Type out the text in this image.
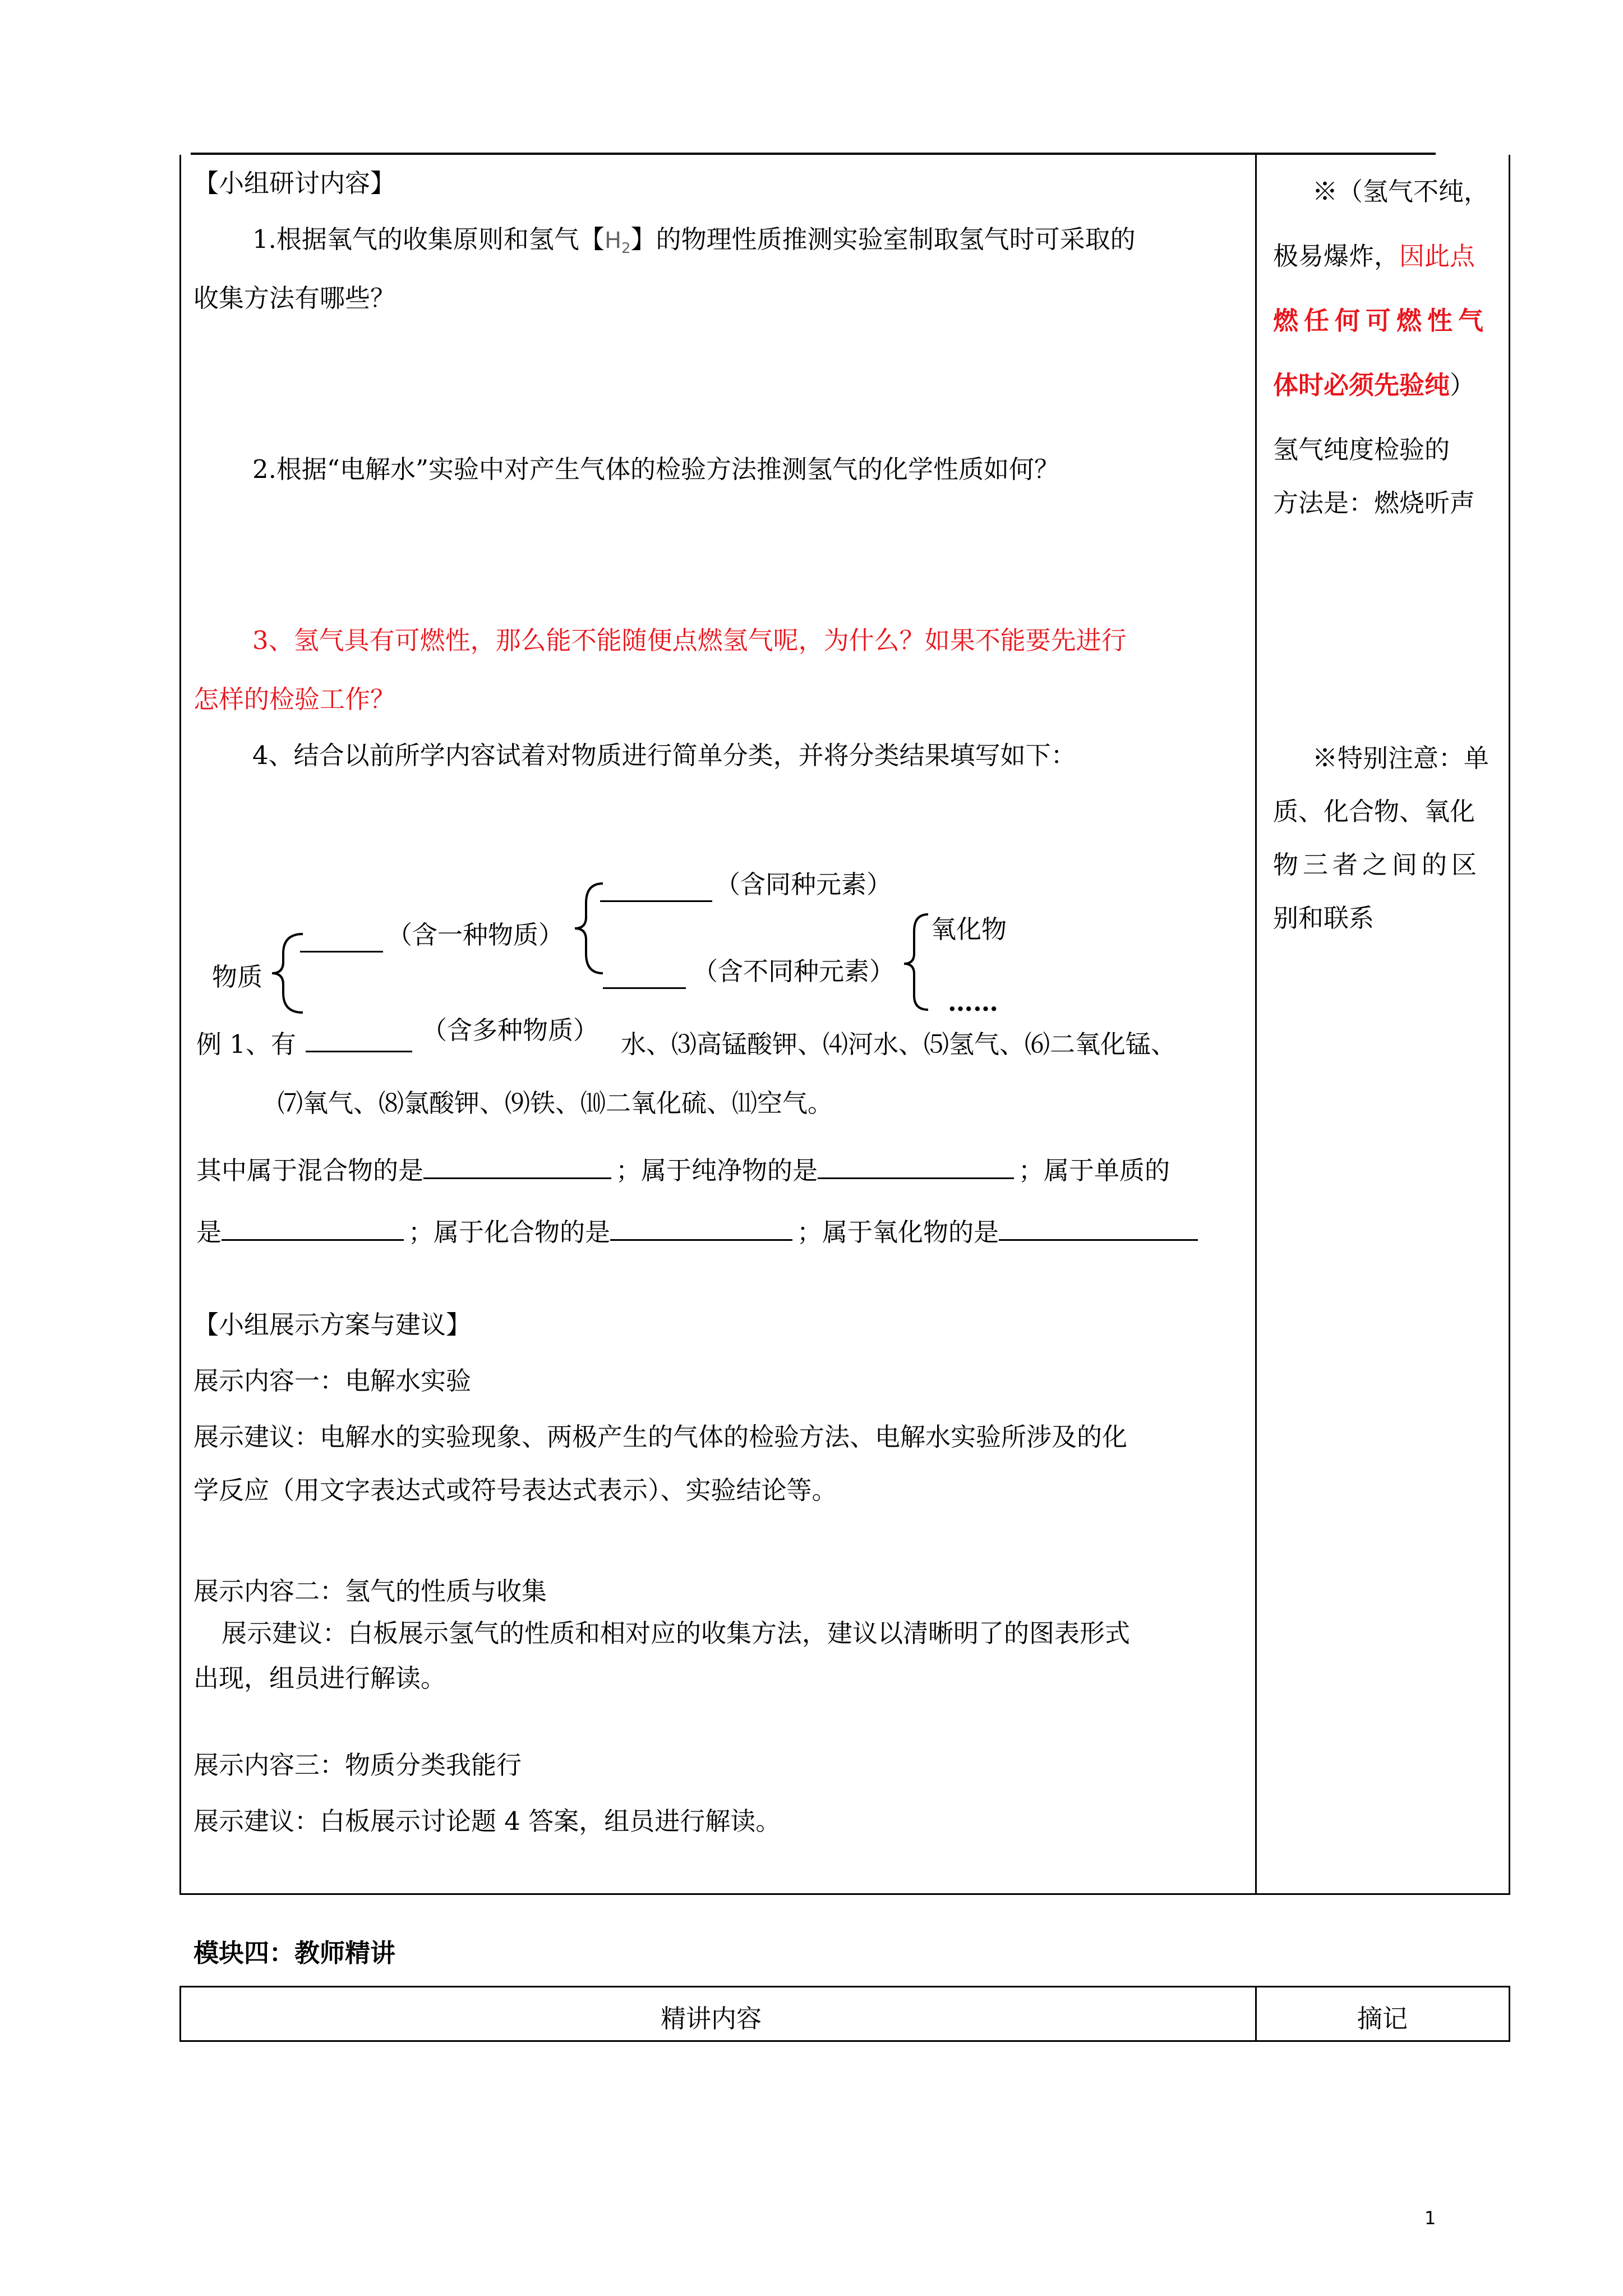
【小组研讨内容】
1.根据氧气的收集原则和氢气【$H_2$】的物理性质推测实验室制取氢气时可采取的
收集方法有哪些？
2.根据“电解水”实验中对产生气体的检验方法推测氢气的化学性质如何？
3、氢气具有可燃性，那么能不能随便点燃氢气呢，为什么？如果不能要先进行
怎样的检验工作？
4、结合以前所学内容试着对物质进行简单分类，并将分类结果填写如下：
物质
（含一种物质）
（含同种元素）
（含不同种元素）
氧化物
……
（含多种物质）
例 1、有	水、⑶高锰酸钾、⑷河水、⑸氢气、⑹二氧化锰、
⑺氧气、⑻氯酸钾、⑼铁、⑽二氧化硫、⑾空气。
其中属于混合物的是	；属于纯净物的是	；属于单质的
是	；属于化合物的是	；属于氧化物的是
【小组展示方案与建议】
展示内容一：电解水实验
展示建议：电解水的实验现象、两极产生的气体的检验方法、电解水实验所涉及的化
学反应（用文字表达式或符号表达式表示）、实验结论等。
展示内容二：氢气的性质与收集
展示建议：白板展示氢气的性质和相对应的收集方法，建议以清晰明了的图表形式
出现，组员进行解读。
展示内容三：物质分类我能行
展示建议：白板展示讨论题 4 答案，组员进行解读。
※（氢气不纯，
极易爆炸，因此点
燃任何可燃性气
体时必须先验纯）
氢气纯度检验的
方法是：燃烧听声
※特别注意：单
质、化合物、氧化
物三者之间的区
别和联系
模块四：教师精讲
精讲内容	摘记
1
